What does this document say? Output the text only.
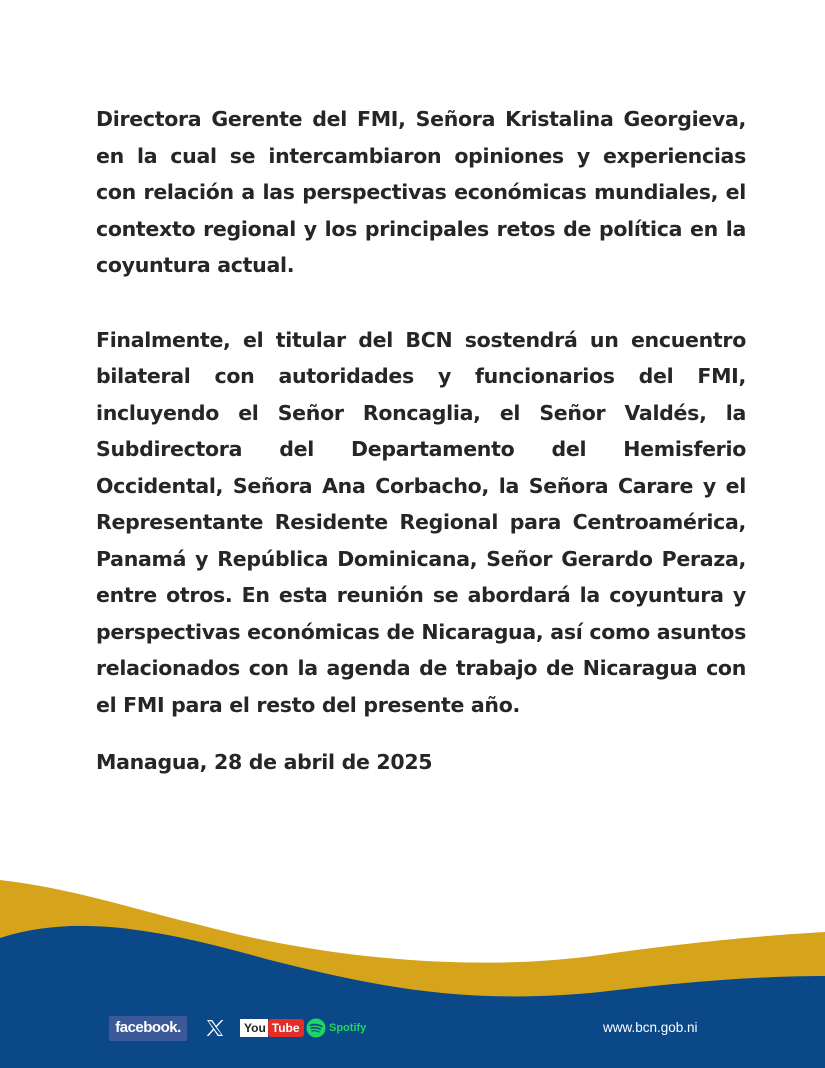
Directora Gerente del FMI, Señora Kristalina Georgieva, en la cual se intercambiaron opiniones y experiencias con relación a las perspectivas económicas mundiales, el contexto regional y los principales retos de política en la coyuntura actual.

Finalmente, el titular del BCN sostendrá un encuentro bilateral con autoridades y funcionarios del FMI, incluyendo el Señor Roncaglia, el Señor Valdés, la Subdirectora del Departamento del Hemisferio Occidental, Señora Ana Corbacho, la Señora Carare y el Representante Residente Regional para Centroamérica, Panamá y República Dominicana, Señor Gerardo Peraza, entre otros. En esta reunión se abordará la coyuntura y perspectivas económicas de Nicaragua, así como asuntos relacionados con la agenda de trabajo de Nicaragua con el FMI para el resto del presente año.

Managua, 28 de abril de 2025

facebook.	You Tube	Spotify	www.bcn.gob.ni
